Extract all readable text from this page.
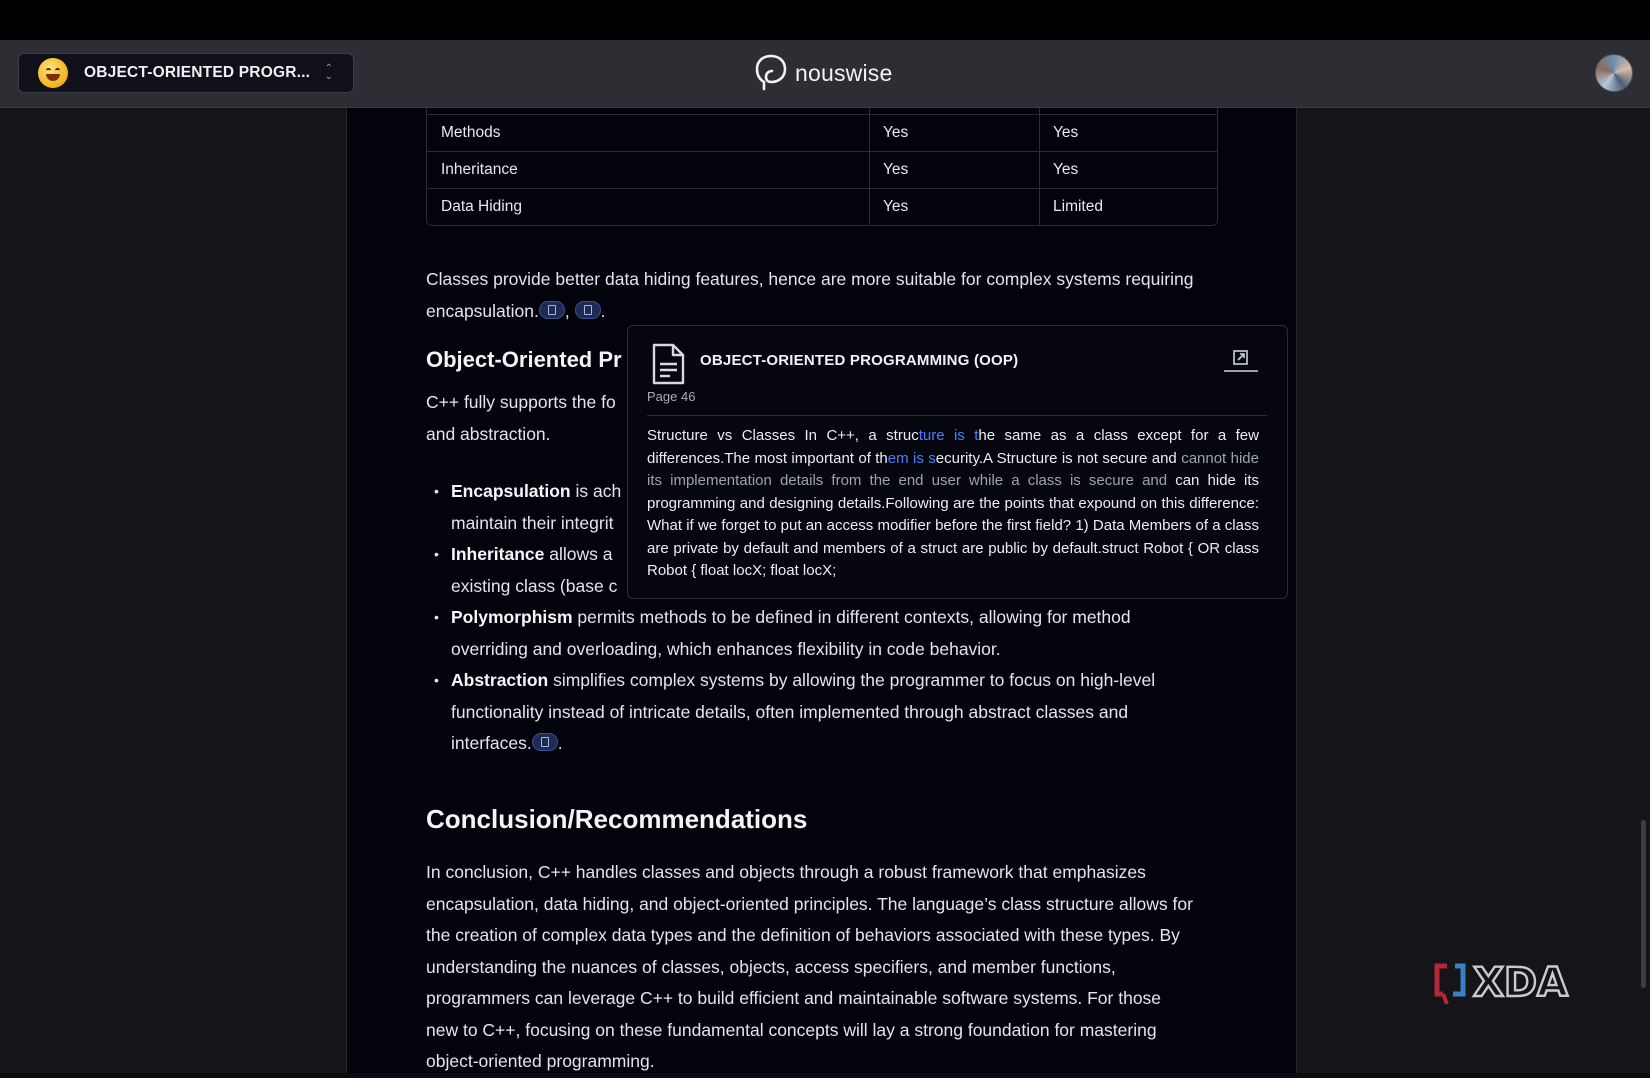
OBJECT-ORIENTED PROGR...	⌃
⌄	nouswise
Methods	Yes	Yes
Inheritance	Yes	Yes
Data Hiding	Yes	Limited
Classes provide better data hiding features, hence are more suitable for complex systems requiring encapsulation. , .
Object-Oriented Pr
C++ fully supports the fo
and abstraction.
• Encapsulation is ach
maintain their integrit
• Inheritance allows a
existing class (base c
• Polymorphism permits methods to be defined in different contexts, allowing for method
overriding and overloading, which enhances flexibility in code behavior.
• Abstraction simplifies complex systems by allowing the programmer to focus on high-level
functionality instead of intricate details, often implemented through abstract classes and
interfaces. .
Conclusion/Recommendations
In conclusion, C++ handles classes and objects through a robust framework that emphasizes encapsulation, data hiding, and object-oriented principles. The language’s class structure allows for the creation of complex data types and the definition of behaviors associated with these types. By understanding the nuances of classes, objects, access specifiers, and member functions, programmers can leverage C++ to build efficient and maintainable software systems. For those new to C++, focusing on these fundamental concepts will lay a strong foundation for mastering object-oriented programming.
OBJECT-ORIENTED PROGRAMMING (OOP)
Page 46
Structure vs Classes In C++, a structure is the same as a class except for a few differences.The most important of them is security.A Structure is not secure and cannot hide its implementation details from the end user while a class is secure and can hide its programming and designing details.Following are the points that expound on this difference: What if we forget to put an access modifier before the first field? 1) Data Members of a class are private by default and members of a struct are public by default.struct Robot { OR class Robot { float locX; float locX;
XDA
